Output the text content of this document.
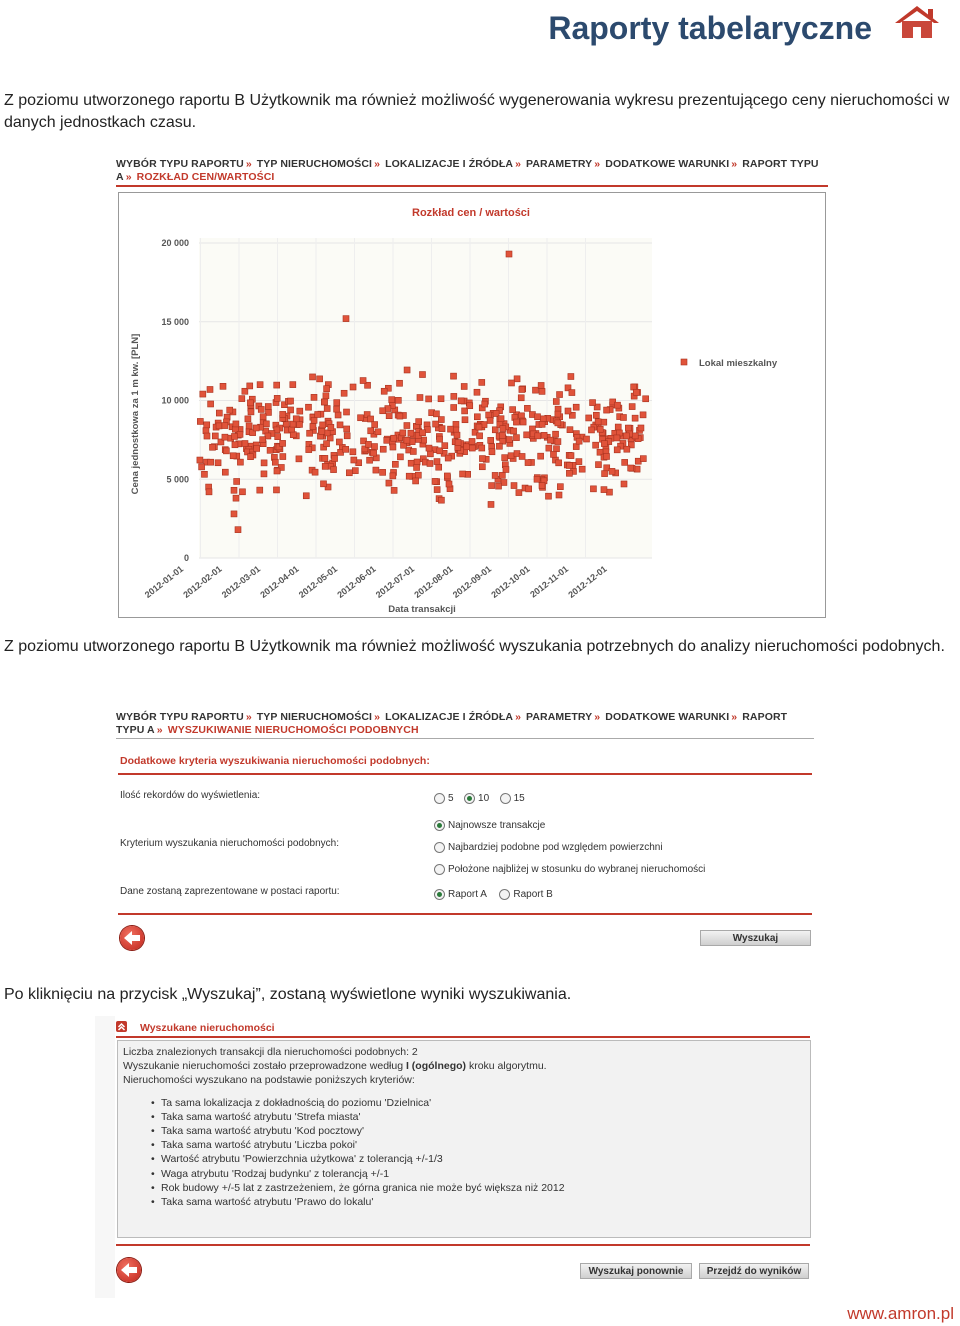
Raporty tabelaryczne
Z poziomu utworzonego raportu B Użytkownik ma również możliwość wygenerowania wykresu prezentującego ceny nieruchomości w danych jednostkach czasu.
WYBÓR TYPU RAPORTU » TYP NIERUCHOMOŚCI » LOKALIZACJE I ŹRÓDŁA » PARAMETRY » DODATKOWE WARUNKI » RAPORT TYPU A » ROZKŁAD CEN/WARTOŚCI
Rozkład cen / wartości
0
5 000
10 000
15 000
20 000
2012-01-01
2012-02-01
2012-03-01
2012-04-01
2012-05-01
2012-06-01
2012-07-01
2012-08-01
2012-09-01
2012-10-01
2012-11-01
2012-12-01
Lokal mieszkalny
Cena jednostkowa za 1 m kw. [PLN]
Data transakcji
Z poziomu utworzonego raportu B Użytkownik ma również możliwość wyszukania potrzebnych do analizy nieruchomości podobnych.
WYBÓR TYPU RAPORTU » TYP NIERUCHOMOŚCI » LOKALIZACJE I ŹRÓDŁA » PARAMETRY » DODATKOWE WARUNKI » RAPORT TYPU A » WYSZUKIWANIE NIERUCHOMOŚCI PODOBNYCH
Dodatkowe kryteria wyszukiwania nieruchomości podobnych:
Ilość rekordów do wyświetlenia:	5 10 15
Kryterium wyszukania nieruchomości podobnych:
Najnowsze transakcje
Najbardziej podobne pod względem powierzchni
Położone najbliżej w stosunku do wybranej nieruchomości
Dane zostaną zaprezentowane w postaci raportu:	Raport A	Raport B
Wyszukaj
Po kliknięciu na przycisk „Wyszukaj”, zostaną wyświetlone wyniki wyszukiwania.
Wyszukane nieruchomości
Liczba znalezionych transakcji dla nieruchomości podobnych: 2
Wyszukanie nieruchomości zostało przeprowadzone według I (ogólnego) kroku algorytmu.
Nieruchomości wyszukano na podstawie poniższych kryteriów:
• Ta sama lokalizacja z dokładnością do poziomu 'Dzielnica'
• Taka sama wartość atrybutu 'Strefa miasta'
• Taka sama wartość atrybutu 'Kod pocztowy'
• Taka sama wartość atrybutu 'Liczba pokoi'
• Wartość atrybutu 'Powierzchnia użytkowa' z tolerancją +/-1/3
• Waga atrybutu 'Rodzaj budynku' z tolerancją +/-1
• Rok budowy +/-5 lat z zastrzeżeniem, że górna granica nie może być większa niż 2012
• Taka sama wartość atrybutu 'Prawo do lokalu'
Wyszukaj ponownie	Przejdź do wyników
www.amron.pl
